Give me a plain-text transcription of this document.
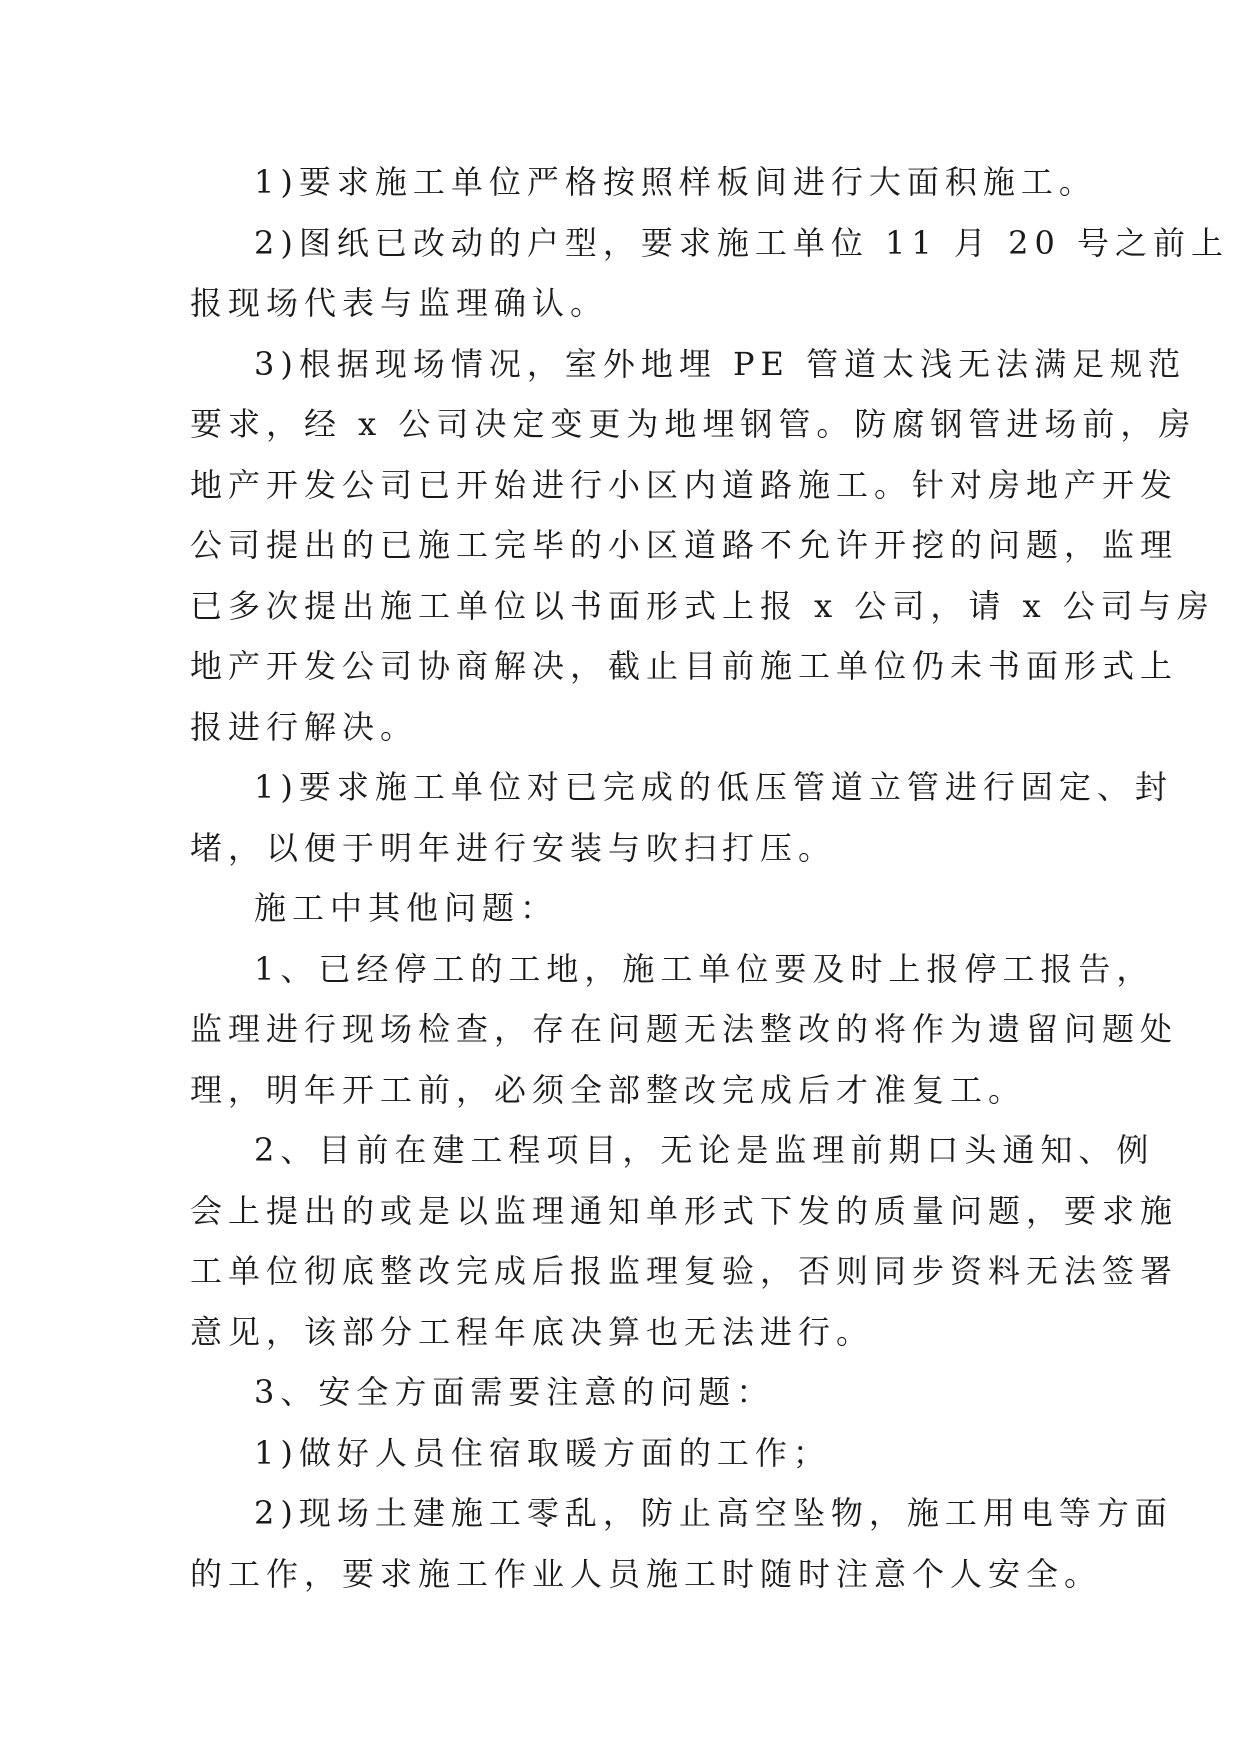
1)要求施工单位严格按照样板间进行大面积施工。
2)图纸已改动的户型，要求施工单位 11 月 20 号之前上
报现场代表与监理确认。
3)根据现场情况，室外地埋 PE 管道太浅无法满足规范
要求，经 x 公司决定变更为地埋钢管。防腐钢管进场前，房
地产开发公司已开始进行小区内道路施工。针对房地产开发
公司提出的已施工完毕的小区道路不允许开挖的问题，监理
已多次提出施工单位以书面形式上报 x 公司，请 x 公司与房
地产开发公司协商解决，截止目前施工单位仍未书面形式上
报进行解决。
1)要求施工单位对已完成的低压管道立管进行固定、封
堵，以便于明年进行安装与吹扫打压。
施工中其他问题：
1、已经停工的工地，施工单位要及时上报停工报告，
监理进行现场检查，存在问题无法整改的将作为遗留问题处
理，明年开工前，必须全部整改完成后才准复工。
2、目前在建工程项目，无论是监理前期口头通知、例
会上提出的或是以监理通知单形式下发的质量问题，要求施
工单位彻底整改完成后报监理复验，否则同步资料无法签署
意见，该部分工程年底决算也无法进行。
3、安全方面需要注意的问题：
1)做好人员住宿取暖方面的工作；
2)现场土建施工零乱，防止高空坠物，施工用电等方面
的工作，要求施工作业人员施工时随时注意个人安全。
